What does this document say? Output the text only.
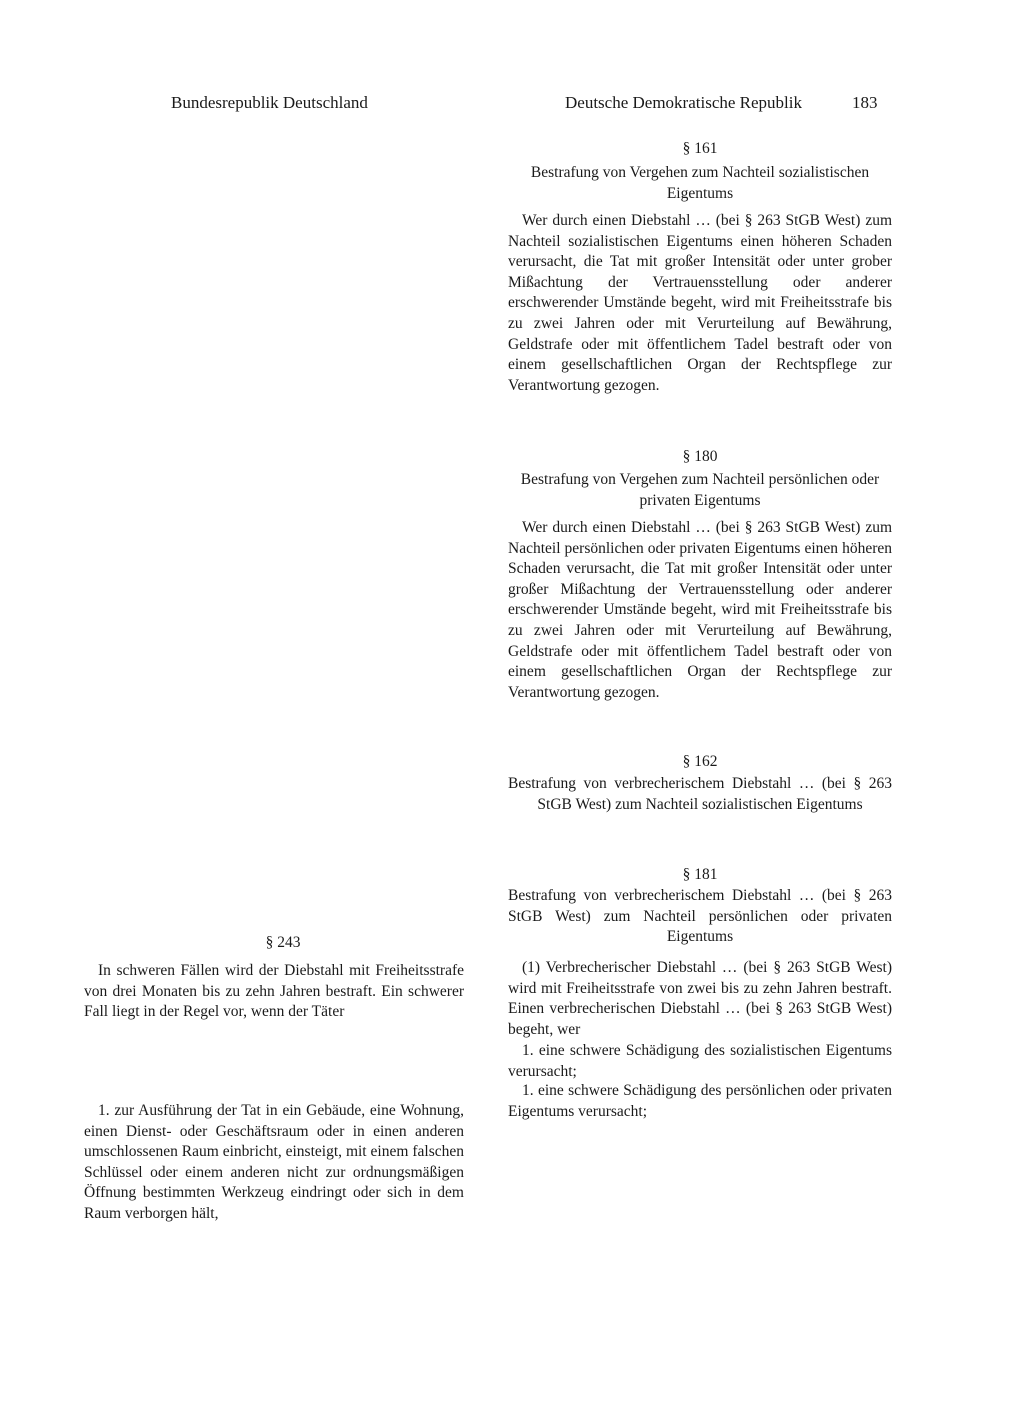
Bundesrepublik Deutschland	Deutsche Demokratische Republik	183
§ 161
Bestrafung von Vergehen zum Nachteil sozialistischen Eigentums
Wer durch einen Diebstahl … (bei § 263 StGB West) zum Nachteil sozialistischen Eigentums einen höheren Schaden verursacht, die Tat mit großer Intensität oder unter grober Mißachtung der Vertrauensstellung oder anderer erschwerender Umstände begeht, wird mit Freiheitsstrafe bis zu zwei Jahren oder mit Verurteilung auf Bewährung, Geldstrafe oder mit öffentlichem Tadel bestraft oder von einem gesellschaftlichen Organ der Rechtspflege zur Verantwortung gezogen.
§ 180
Bestrafung von Vergehen zum Nachteil persönlichen oder privaten Eigentums
Wer durch einen Diebstahl … (bei § 263 StGB West) zum Nachteil persönlichen oder privaten Eigentums einen höheren Schaden verursacht, die Tat mit großer Intensität oder unter großer Mißachtung der Vertrauensstellung oder anderer erschwerender Umstände begeht, wird mit Freiheitsstrafe bis zu zwei Jahren oder mit Verurteilung auf Bewährung, Geldstrafe oder mit öffentlichem Tadel bestraft oder von einem gesellschaftlichen Organ der Rechtspflege zur Verantwortung gezogen.
§ 162
Bestrafung von verbrecherischem Diebstahl … (bei § 263 StGB West) zum Nachteil sozialistischen Eigentums
§ 181
Bestrafung von verbrecherischem Diebstahl … (bei § 263 StGB West) zum Nachteil persönlichen oder privaten Eigentums
(1) Verbrecherischer Diebstahl … (bei § 263 StGB West) wird mit Freiheitsstrafe von zwei bis zu zehn Jahren bestraft. Einen verbrecherischen Diebstahl … (bei § 263 StGB West) begeht, wer
1. eine schwere Schädigung des sozialistischen Eigentums verursacht;
1. eine schwere Schädigung des persönlichen oder privaten Eigentums verursacht;
§ 243
In schweren Fällen wird der Diebstahl mit Freiheitsstrafe von drei Monaten bis zu zehn Jahren bestraft. Ein schwerer Fall liegt in der Regel vor, wenn der Täter
1. zur Ausführung der Tat in ein Gebäude, eine Wohnung, einen Dienst- oder Geschäftsraum oder in einen anderen umschlossenen Raum einbricht, einsteigt, mit einem falschen Schlüssel oder einem anderen nicht zur ordnungsmäßigen Öffnung bestimmten Werkzeug eindringt oder sich in dem Raum verborgen hält,
